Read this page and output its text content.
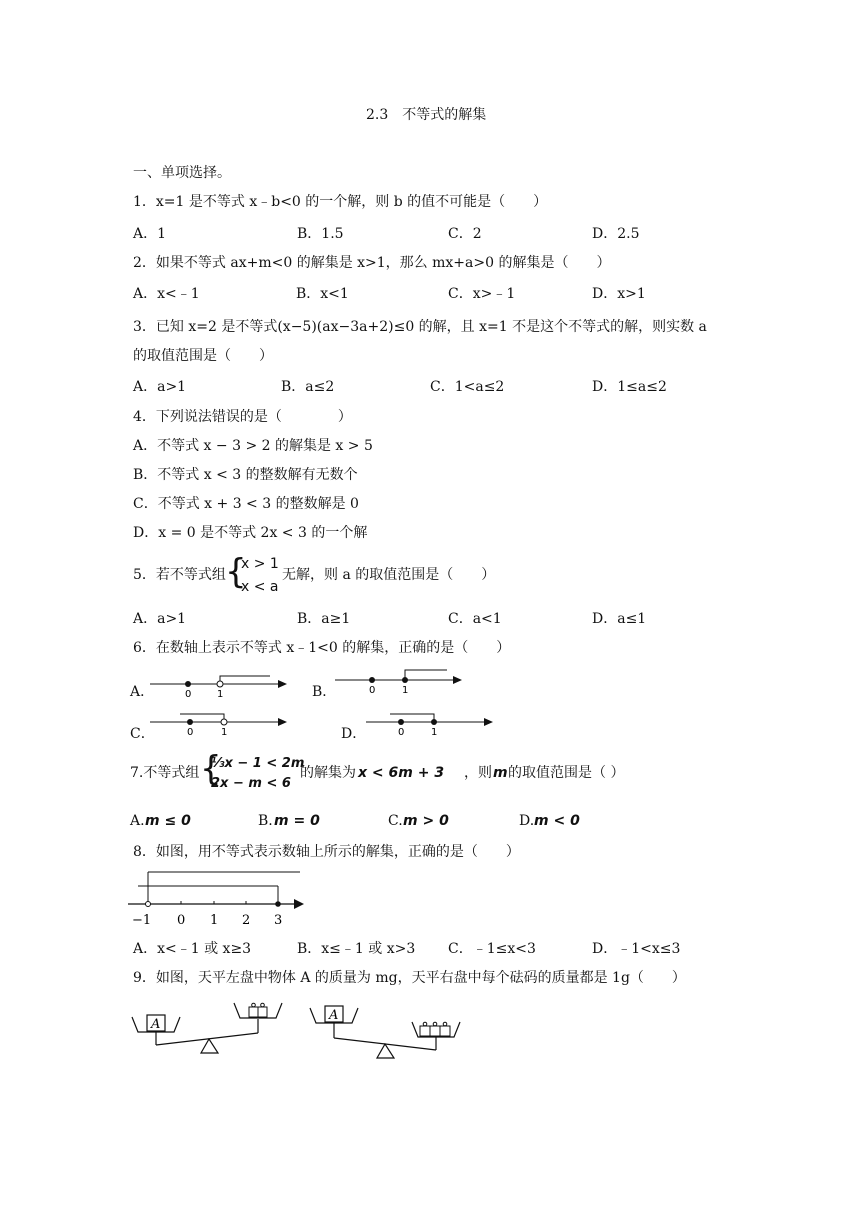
2.3　不等式的解集
一、单项选择。
1．x=1 是不等式 x﹣b<0 的一个解，则 b 的值不可能是（　　）
A．1	B．1.5	C．2	D．2.5
2．如果不等式 ax+m<0 的解集是 x>1，那么 mx+a>0 的解集是（　　）
A．x<﹣1	B．x<1	C．x>﹣1	D．x>1
3．已知 x=2 是不等式(x−5)(ax−3a+2)≤0 的解，且 x=1 不是这个不等式的解，则实数 a
的取值范围是（　　）
A．a>1	B．a≤2	C．1<a≤2	D．1≤a≤2
4．下列说法错误的是（　　　　）
A．不等式 x − 3 > 2 的解集是 x > 5
B．不等式 x < 3 的整数解有无数个
C．不等式 x + 3 < 3 的整数解是 0
D．x = 0 是不等式 2x < 3 的一个解
5．若不等式组 {
x > 1
x < a
无解，则 a 的取值范围是（　　）
A．a>1	B．a≥1	C．a<1	D．a≤1
6．在数轴上表示不等式 x﹣1<0 的解集，正确的是（　　）
A．	B．
C．	D．
0	1	0	1
0	1	0	1
7.不等式组 {
⅓x − 1 < 2m
2x − m < 6
的解集为 x < 6m + 3 ，则 m 的取值范围是（ ）
A. m ≤ 0	B. m = 0	C. m > 0	D. m < 0
8．如图，用不等式表示数轴上所示的解集，正确的是（　　）
−1 0 1 2 3
A．x<﹣1 或 x≥3	B．x≤﹣1 或 x>3 C．﹣1≤x<3	D．﹣1<x≤3
9．如图，天平左盘中物体 A 的质量为 mg，天平右盘中每个砝码的质量都是 1g（　　）
A
A
